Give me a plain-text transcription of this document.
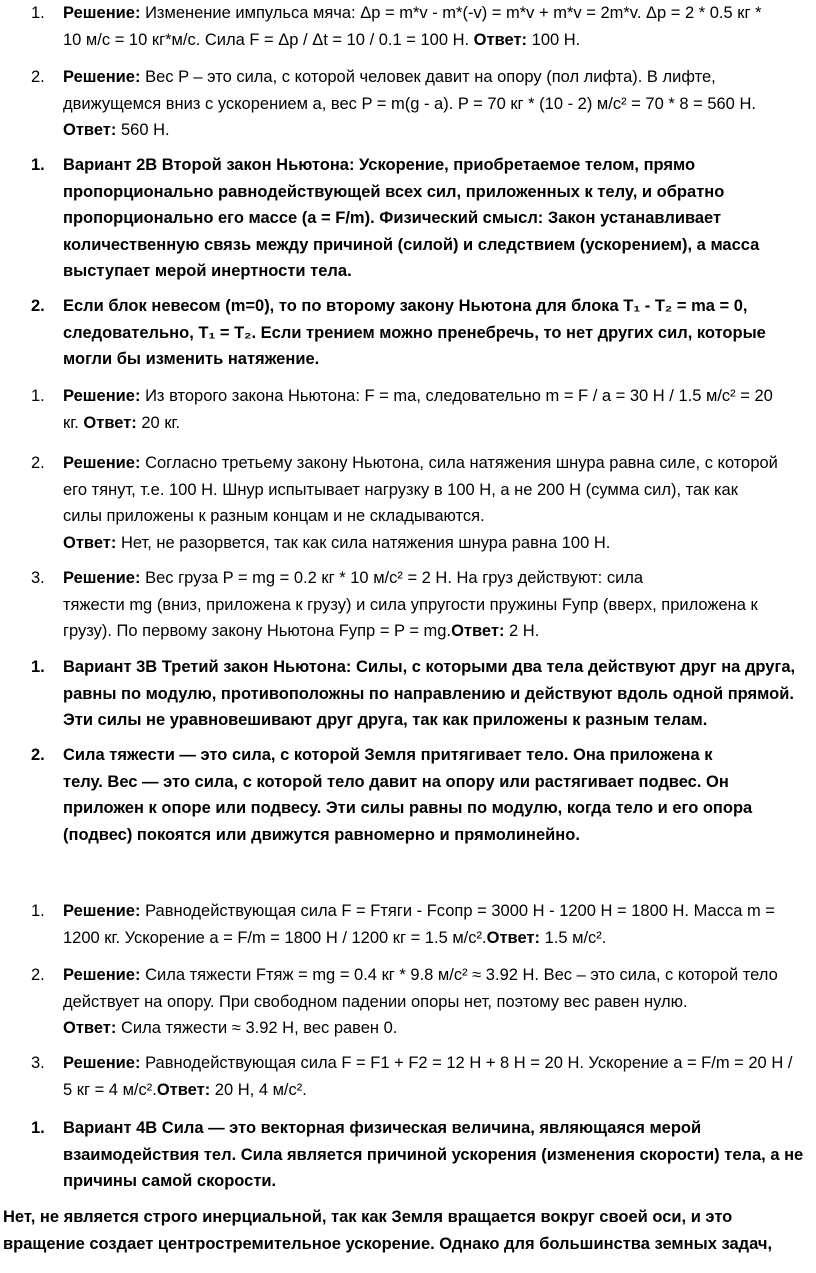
1. Решение: Изменение импульса мяча: Δp = m*v - m*(-v) = m*v + m*v = 2m*v. Δp = 2 * 0.5 кг *
10 м/с = 10 кг*м/с. Сила F = Δp / Δt = 10 / 0.1 = 100 Н. Ответ: 100 Н.
2. Решение: Вес P – это сила, с которой человек давит на опору (пол лифта). В лифте,
движущемся вниз с ускорением a, вес P = m(g - a). P = 70 кг * (10 - 2) м/с² = 70 * 8 = 560 Н.
Ответ: 560 Н.
1. Вариант 2В Второй закон Ньютона: Ускорение, приобретаемое телом, прямо
пропорционально равнодействующей всех сил, приложенных к телу, и обратно
пропорционально его массе (a = F/m). Физический смысл: Закон устанавливает
количественную связь между причиной (силой) и следствием (ускорением), а масса
выступает мерой инертности тела.
2. Если блок невесом (m=0), то по второму закону Ньютона для блока T₁ - T₂ = ma = 0,
следовательно, T₁ = T₂. Если трением можно пренебречь, то нет других сил, которые
могли бы изменить натяжение.
1. Решение: Из второго закона Ньютона: F = ma, следовательно m = F / a = 30 Н / 1.5 м/с² = 20
кг. Ответ: 20 кг.
2. Решение: Согласно третьему закону Ньютона, сила натяжения шнура равна силе, с которой
его тянут, т.е. 100 Н. Шнур испытывает нагрузку в 100 Н, а не 200 Н (сумма сил), так как
силы приложены к разным концам и не складываются.
Ответ: Нет, не разорвется, так как сила натяжения шнура равна 100 Н.
3. Решение: Вес груза P = mg = 0.2 кг * 10 м/с² = 2 Н. На груз действуют: сила
тяжести mg (вниз, приложена к грузу) и сила упругости пружины Fупр (вверх, приложена к
грузу). По первому закону Ньютона Fупр = P = mg.Ответ: 2 Н.
1. Вариант 3В Третий закон Ньютона: Силы, с которыми два тела действуют друг на друга,
равны по модулю, противоположны по направлению и действуют вдоль одной прямой.
Эти силы не уравновешивают друг друга, так как приложены к разным телам.
2. Сила тяжести — это сила, с которой Земля притягивает тело. Она приложена к
телу. Вес — это сила, с которой тело давит на опору или растягивает подвес. Он
приложен к опоре или подвесу. Эти силы равны по модулю, когда тело и его опора
(подвес) покоятся или движутся равномерно и прямолинейно.
1. Решение: Равнодействующая сила F = Fтяги - Fсопр = 3000 Н - 1200 Н = 1800 Н. Масса m =
1200 кг. Ускорение a = F/m = 1800 Н / 1200 кг = 1.5 м/с².Ответ: 1.5 м/с².
2. Решение: Сила тяжести Fтяж = mg = 0.4 кг * 9.8 м/с² ≈ 3.92 Н. Вес – это сила, с которой тело
действует на опору. При свободном падении опоры нет, поэтому вес равен нулю.
Ответ: Сила тяжести ≈ 3.92 Н, вес равен 0.
3. Решение: Равнодействующая сила F = F1 + F2 = 12 Н + 8 Н = 20 Н. Ускорение a = F/m = 20 Н /
5 кг = 4 м/с².Ответ: 20 Н, 4 м/с².
1. Вариант 4В Сила — это векторная физическая величина, являющаяся мерой
взаимодействия тел. Сила является причиной ускорения (изменения скорости) тела, а не
причины самой скорости.
Нет, не является строго инерциальной, так как Земля вращается вокруг своей оси, и это
вращение создает центростремительное ускорение. Однако для большинства земных задач,
